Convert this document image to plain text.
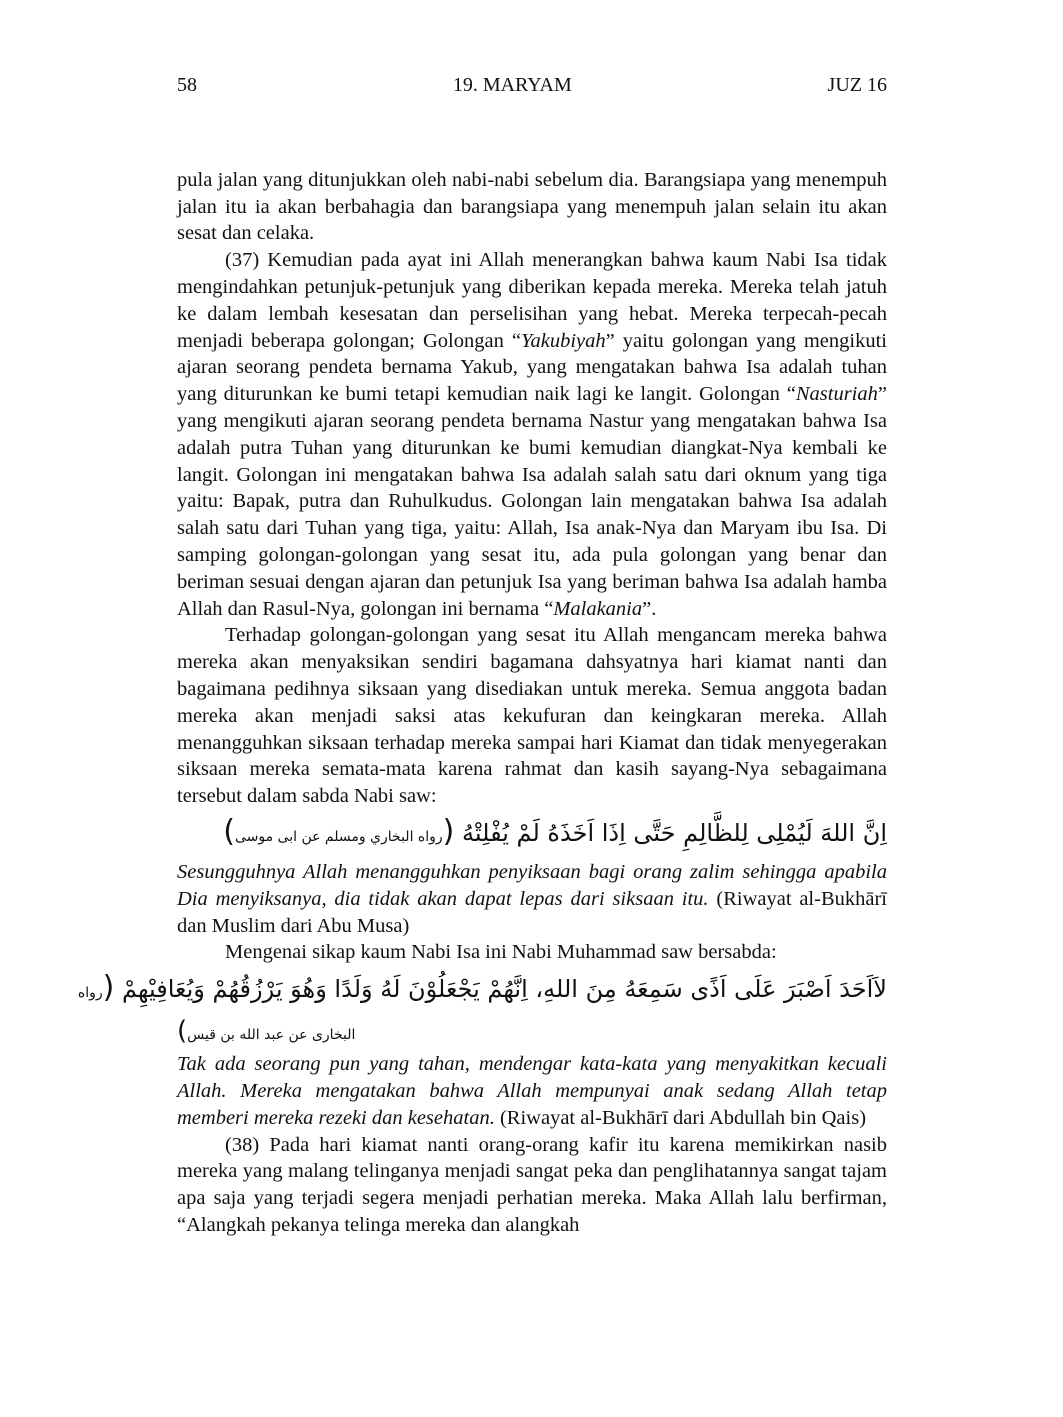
58	19. MARYAM	JUZ 16

pula jalan yang ditunjukkan oleh nabi-nabi sebelum dia. Barangsiapa yang menempuh jalan itu ia akan berbahagia dan barangsiapa yang menempuh jalan selain itu akan sesat dan celaka.

(37) Kemudian pada ayat ini Allah menerangkan bahwa kaum Nabi Isa tidak mengindahkan petunjuk-petunjuk yang diberikan kepada mereka. Mereka telah jatuh ke dalam lembah kesesatan dan perselisihan yang hebat. Mereka terpecah-pecah menjadi beberapa golongan; Golongan “Yakubiyah” yaitu golongan yang mengikuti ajaran seorang pendeta bernama Yakub, yang mengatakan bahwa Isa adalah tuhan yang diturunkan ke bumi tetapi kemudian naik lagi ke langit. Golongan “Nasturiah” yang mengikuti ajaran seorang pendeta bernama Nastur yang mengatakan bahwa Isa adalah putra Tuhan yang diturunkan ke bumi kemudian diangkat-Nya kembali ke langit. Golongan ini mengatakan bahwa Isa adalah salah satu dari oknum yang tiga yaitu: Bapak, putra dan Ruhulkudus. Golongan lain mengatakan bahwa Isa adalah salah satu dari Tuhan yang tiga, yaitu: Allah, Isa anak-Nya dan Maryam ibu Isa. Di samping golongan-golongan yang sesat itu, ada pula golongan yang benar dan beriman sesuai dengan ajaran dan petunjuk Isa yang beriman bahwa Isa adalah hamba Allah dan Rasul-Nya, golongan ini bernama “Malakania”.

Terhadap golongan-golongan yang sesat itu Allah mengancam mereka bahwa mereka akan menyaksikan sendiri bagamana dahsyatnya hari kiamat nanti dan bagaimana pedihnya siksaan yang disediakan untuk mereka. Semua anggota badan mereka akan menjadi saksi atas kekufuran dan keingkaran mereka. Allah menangguhkan siksaan terhadap mereka sampai hari Kiamat dan tidak menyegerakan siksaan mereka semata-mata karena rahmat dan kasih sayang-Nya sebagaimana tersebut dalam sabda Nabi saw:

اِنَّ اللهَ لَيُمْلِى لِلظَّالِمِ حَتَّى اِذَا اَخَذَهُ لَمْ يُفْلِتْهُ (رواه البخاري ومسلم عن ابى موسى)

Sesungguhnya Allah menangguhkan penyiksaan bagi orang zalim sehingga apabila Dia menyiksanya, dia tidak akan dapat lepas dari siksaan itu. (Riwayat al-Bukhārī dan Muslim dari Abu Musa)

Mengenai sikap kaum Nabi Isa ini Nabi Muhammad saw bersabda:

لاَاَحَدَ اَصْبَرَ عَلَى اَذًى سَمِعَهُ مِنَ اللهِ، اِنَّهُمْ يَجْعَلُوْنَ لَهُ وَلَدًا وَهُوَ يَرْزُقُهُمْ وَيُعَافِيْهِمْ (رواه
البخارى عن عبد الله بن قيس)

Tak ada seorang pun yang tahan, mendengar kata-kata yang menyakitkan kecuali Allah. Mereka mengatakan bahwa Allah mempunyai anak sedang Allah tetap memberi mereka rezeki dan kesehatan. (Riwayat al-Bukhārī dari Abdullah bin Qais)

(38) Pada hari kiamat nanti orang-orang kafir itu karena memikirkan nasib mereka yang malang telinganya menjadi sangat peka dan penglihatannya sangat tajam apa saja yang terjadi segera menjadi perhatian mereka. Maka Allah lalu berfirman, “Alangkah pekanya telinga mereka dan alangkah
